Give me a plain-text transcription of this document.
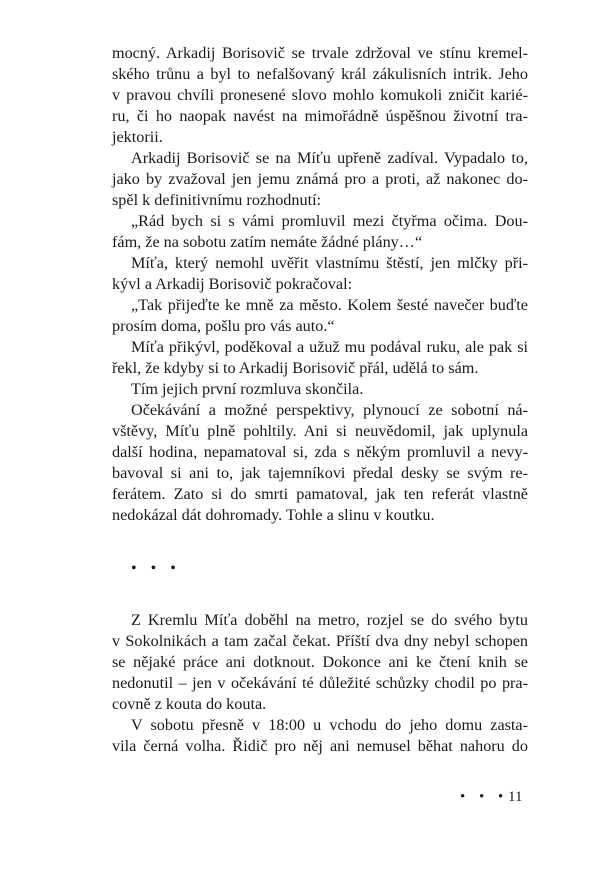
mocný. Arkadij Borisovič se trvale zdržoval ve stínu kremel-
ského trůnu a byl to nefalšovaný král zákulisních intrik. Jeho
v pravou chvíli pronesené slovo mohlo komukoli zničit karié-
ru, či ho naopak navést na mimořádně úspěšnou životní tra-
jektorii.
Arkadij Borisovič se na Míťu upřeně zadíval. Vypadalo to,
jako by zvažoval jen jemu známá pro a proti, až nakonec do-
spěl k definitivnímu rozhodnutí:
„Rád bych si s vámi promluvil mezi čtyřma očima. Dou-
fám, že na sobotu zatím nemáte žádné plány…“
Míťa, který nemohl uvěřit vlastnímu štěstí, jen mlčky při-
kývl a Arkadij Borisovič pokračoval:
„Tak přijeďte ke mně za město. Kolem šesté navečer buďte
prosím doma, pošlu pro vás auto.“
Míťa přikývl, poděkoval a užuž mu podával ruku, ale pak si
řekl, že kdyby si to Arkadij Borisovič přál, udělá to sám.
Tím jejich první rozmluva skončila.
Očekávání a možné perspektivy, plynoucí ze sobotní ná-
vštěvy, Míťu plně pohltily. Ani si neuvědomil, jak uplynula
další hodina, nepamatoval si, zda s někým promluvil a nevy-
bavoval si ani to, jak tajemníkovi předal desky se svým re-
ferátem. Zato si do smrti pamatoval, jak ten referát vlastně
nedokázal dát dohromady. Tohle a slinu v koutku.
• • •
Z Kremlu Míťa doběhl na metro, rozjel se do svého bytu
v Sokolnikách a tam začal čekat. Příští dva dny nebyl schopen
se nějaké práce ani dotknout. Dokonce ani ke čtení knih se
nedonutil – jen v očekávání té důležité schůzky chodil po pra-
covně z kouta do kouta.
V sobotu přesně v 18:00 u vchodu do jeho domu zasta-
vila černá volha. Řidič pro něj ani nemusel běhat nahoru do
• • • 11
